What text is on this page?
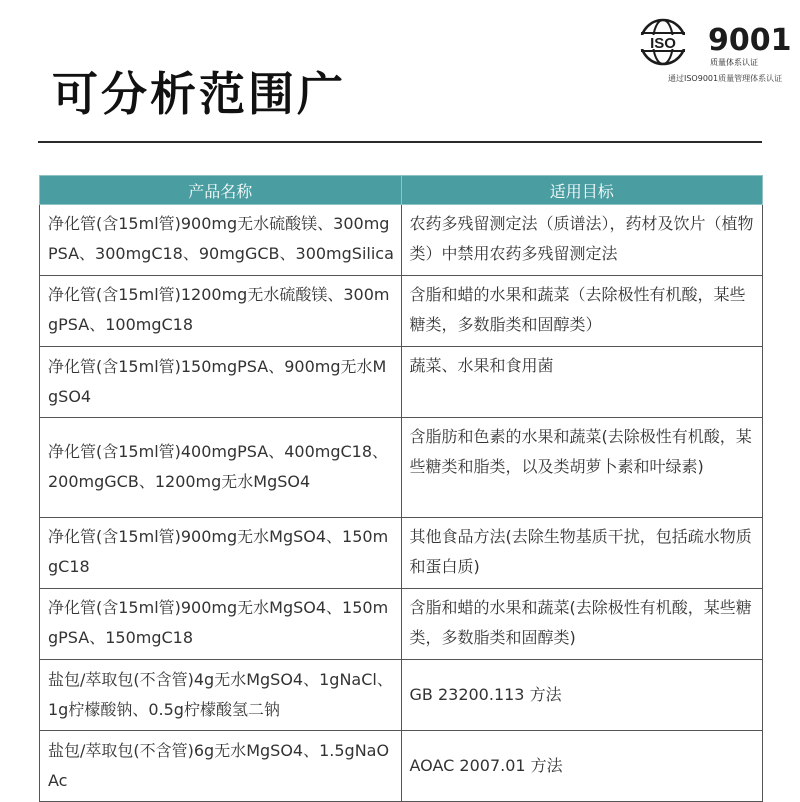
可分析范围广
ISO 9001
质量体系认证
通过ISO9001质量管理体系认证
产品名称	适用目标
净化管(含15ml管)900mg无水硫酸镁、300mgPSA、300mgC18、90mgGCB、300mgSilica	农药多残留测定法（质谱法），药材及饮片（植物类）中禁用农药多残留测定法
净化管(含15ml管)1200mg无水硫酸镁、300mgPSA、100mgC18	含脂和蜡的水果和蔬菜（去除极性有机酸，某些糖类，多数脂类和固醇类）
净化管(含15ml管)150mgPSA、900mg无水MgSO4	蔬菜、水果和食用菌
净化管(含15ml管)400mgPSA、400mgC18、200mgGCB、1200mg无水MgSO4	含脂肪和色素的水果和蔬菜(去除极性有机酸，某些糖类和脂类，以及类胡萝卜素和叶绿素)
净化管(含15ml管)900mg无水MgSO4、150mgC18	其他食品方法(去除生物基质干扰，包括疏水物质和蛋白质)
净化管(含15ml管)900mg无水MgSO4、150mgPSA、150mgC18	含脂和蜡的水果和蔬菜(去除极性有机酸，某些糖类，多数脂类和固醇类)
盐包/萃取包(不含管)4g无水MgSO4、1gNaCl、1g柠檬酸钠、0.5g柠檬酸氢二钠	GB 23200.113 方法
盐包/萃取包(不含管)6g无水MgSO4、1.5gNaOAc	AOAC 2007.01 方法
